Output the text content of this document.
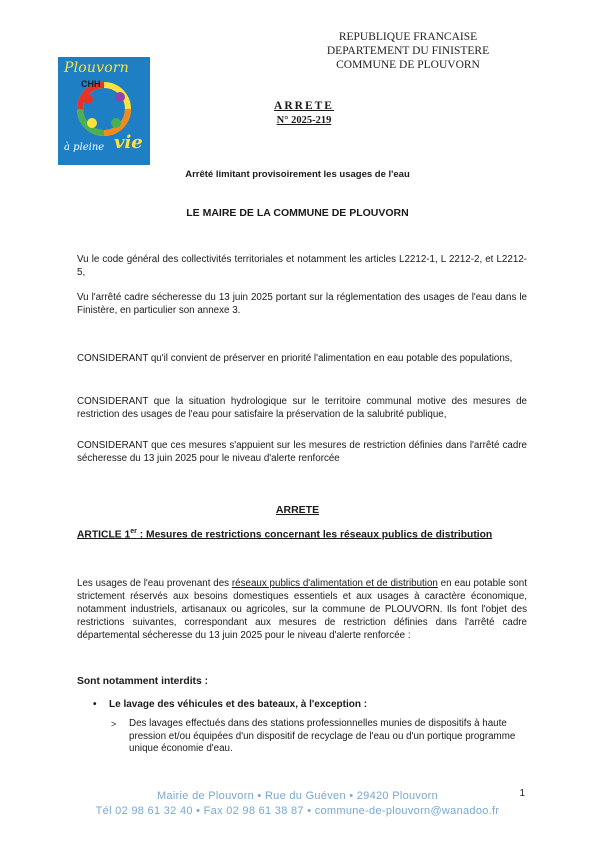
Plouvorn
CHH
à pleine vie
REPUBLIQUE FRANCAISE
DEPARTEMENT DU FINISTERE
COMMUNE DE PLOUVORN
ARRETE
N° 2025-219
Arrêté limitant provisoirement les usages de l'eau
LE MAIRE DE LA COMMUNE DE PLOUVORN
Vu le code général des collectivités territoriales et notamment les articles L2212-1, L 2212-2, et L2212-5,
Vu l'arrêté cadre sécheresse du 13 juin 2025 portant sur la réglementation des usages de l'eau dans le Finistère, en particulier son annexe 3.
CONSIDERANT qu'il convient de préserver en priorité l'alimentation en eau potable des populations,
CONSIDERANT que la situation hydrologique sur le territoire communal motive des mesures de restriction des usages de l'eau pour satisfaire la préservation de la salubrité publique,
CONSIDERANT que ces mesures s'appuient sur les mesures de restriction définies dans l'arrêté cadre sécheresse du 13 juin 2025 pour le niveau d'alerte renforcée
ARRETE
ARTICLE 1er : Mesures de restrictions concernant les réseaux publics de distribution
Les usages de l'eau provenant des réseaux publics d'alimentation et de distribution en eau potable sont strictement réservés aux besoins domestiques essentiels et aux usages à caractère économique, notamment industriels, artisanaux ou agricoles, sur la commune de PLOUVORN. Ils font l'objet des restrictions suivantes, correspondant aux mesures de restriction définies dans l'arrêté cadre départemental sécheresse du 13 juin 2025 pour le niveau d'alerte renforcée :
Sont notamment interdits :
• Le lavage des véhicules et des bateaux, à l'exception :
> Des lavages effectués dans des stations professionnelles munies de dispositifs à haute pression et/ou équipées d'un dispositif de recyclage de l'eau ou d'un portique programme unique économie d'eau.
Mairie de Plouvorn • Rue du Guéven • 29420 Plouvorn
Tél 02 98 61 32 40 • Fax 02 98 61 38 87 • commune-de-plouvorn@wanadoo.fr
1
